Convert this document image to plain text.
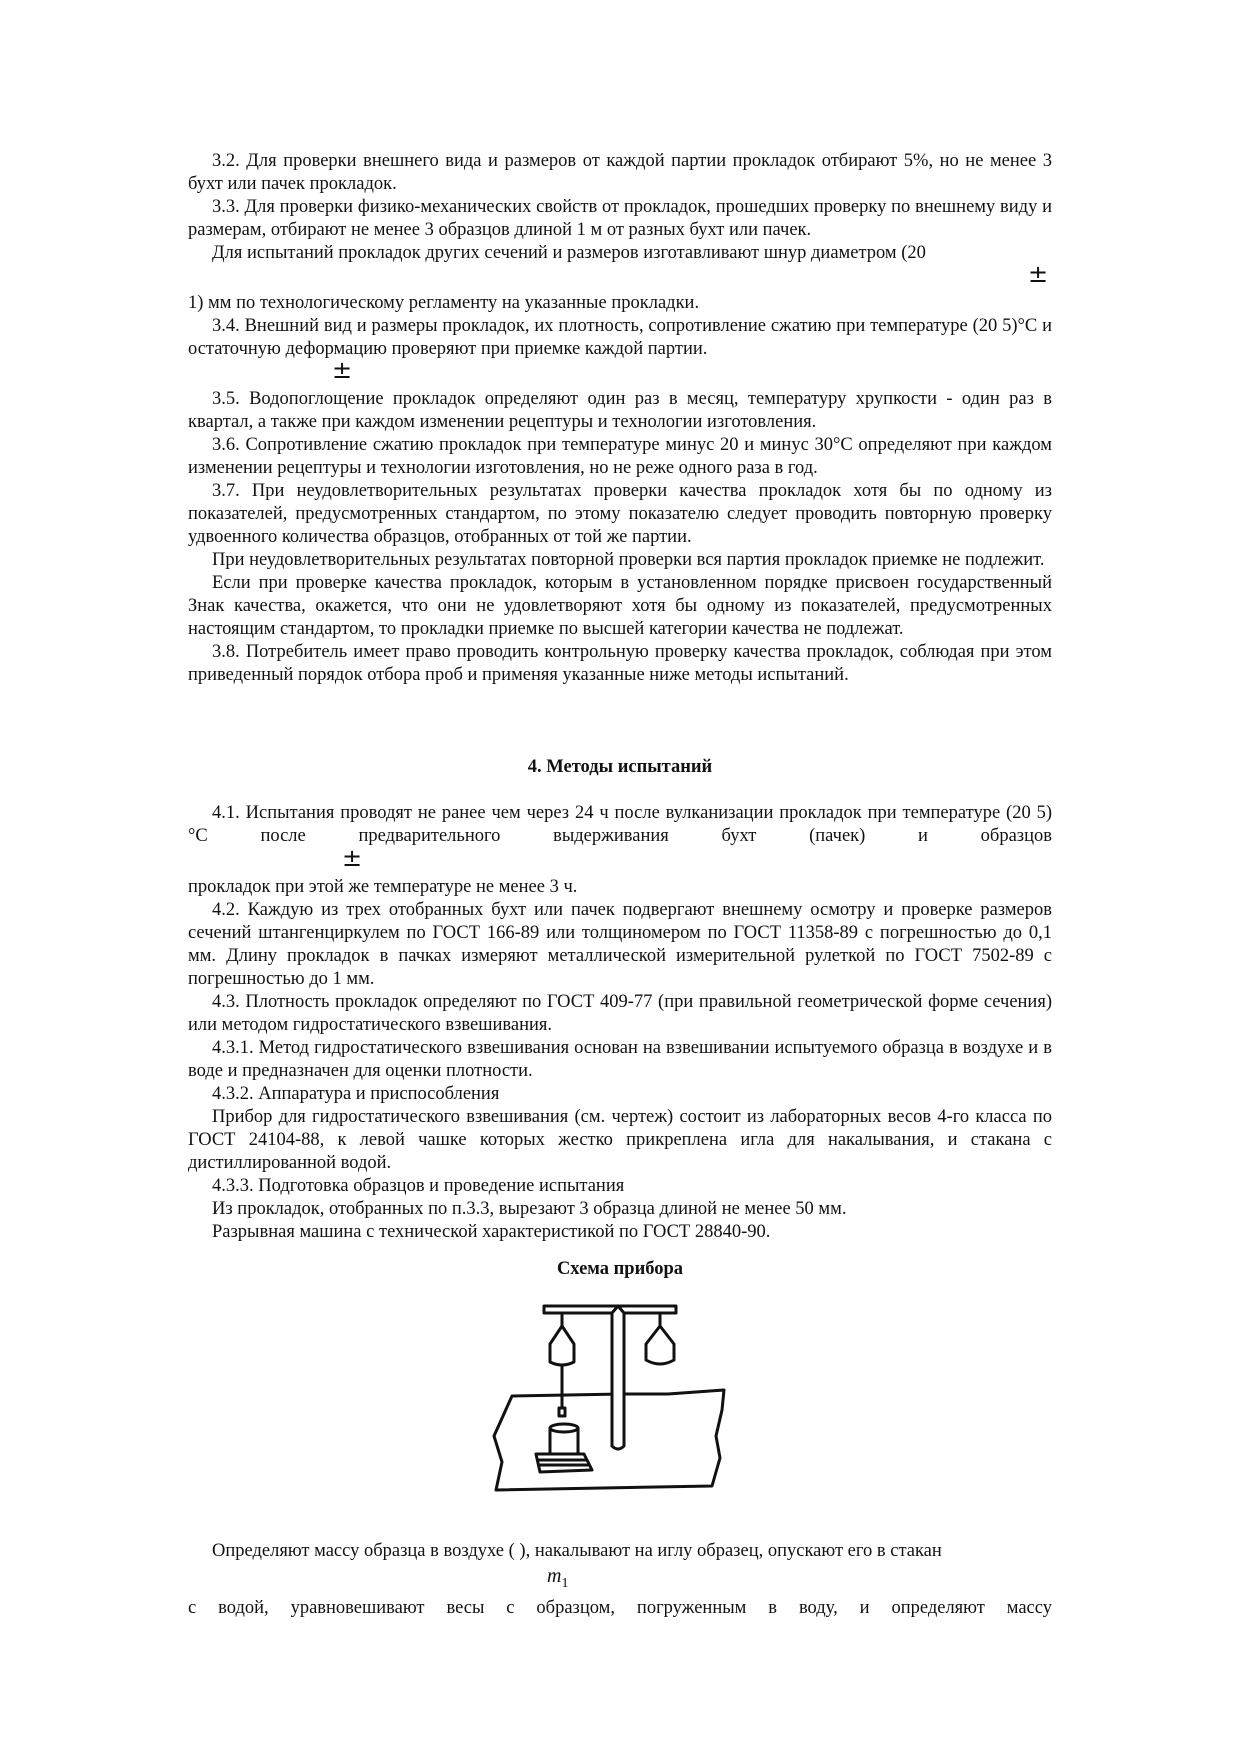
3.2. Для проверки внешнего вида и размеров от каждой партии прокладок отбирают 5%, но не менее 3 бухт или пачек прокладок.

3.3. Для проверки физико-механических свойств от прокладок, прошедших проверку по внешнему виду и размерам, отбирают не менее 3 образцов длиной 1 м от разных бухт или пачек.

Для испытаний прокладок других сечений и размеров изготавливают шнур диаметром (20

±

1) мм по технологическому регламенту на указанные прокладки.

3.4. Внешний вид и размеры прокладок, их плотность, сопротивление сжатию при температуре (20 5)°С и остаточную деформацию проверяют при приемке каждой партии.

±

3.5. Водопоглощение прокладок определяют один раз в месяц, температуру хрупкости - один раз в квартал, а также при каждом изменении рецептуры и технологии изготовления.

3.6. Сопротивление сжатию прокладок при температуре минус 20 и минус 30°С определяют при каждом изменении рецептуры и технологии изготовления, но не реже одного раза в год.

3.7. При неудовлетворительных результатах проверки качества прокладок хотя бы по одному из показателей, предусмотренных стандартом, по этому показателю следует проводить повторную проверку удвоенного количества образцов, отобранных от той же партии.

При неудовлетворительных результатах повторной проверки вся партия прокладок приемке не подлежит.

Если при проверке качества прокладок, которым в установленном порядке присвоен государственный Знак качества, окажется, что они не удовлетворяют хотя бы одному из показателей, предусмотренных настоящим стандартом, то прокладки приемке по высшей категории качества не подлежат.

3.8. Потребитель имеет право проводить контрольную проверку качества прокладок, соблюдая при этом приведенный порядок отбора проб и применяя указанные ниже методы испытаний.

4. Методы испытаний

4.1. Испытания проводят не ранее чем через 24 ч после вулканизации прокладок при температуре (20 5)°С после предварительного выдерживания бухт (пачек) и образцов

±

прокладок при этой же температуре не менее 3 ч.

4.2. Каждую из трех отобранных бухт или пачек подвергают внешнему осмотру и проверке размеров сечений штангенциркулем по ГОСТ 166-89 или толщиномером по ГОСТ 11358-89 с погрешностью до 0,1 мм. Длину прокладок в пачках измеряют металлической измерительной рулеткой по ГОСТ 7502-89 с погрешностью до 1 мм.

4.3. Плотность прокладок определяют по ГОСТ 409-77 (при правильной геометрической форме сечения) или методом гидростатического взвешивания.

4.3.1. Метод гидростатического взвешивания основан на взвешивании испытуемого образца в воздухе и в воде и предназначен для оценки плотности.

4.3.2. Аппаратура и приспособления

Прибор для гидростатического взвешивания (см. чертеж) состоит из лабораторных весов 4-го класса по ГОСТ 24104-88, к левой чашке которых жестко прикреплена игла для накалывания, и стакана с дистиллированной водой.

4.3.3. Подготовка образцов и проведение испытания

Из прокладок, отобранных по п.3.3, вырезают 3 образца длиной не менее 50 мм.

Разрывная машина с технической характеристикой по ГОСТ 28840-90.

Схема прибора

Определяют массу образца в воздухе ( ), накалывают на иглу образец, опускают его в стакан

$m_1$

с водой, уравновешивают весы с образцом, погруженным в воду, и определяют массу
